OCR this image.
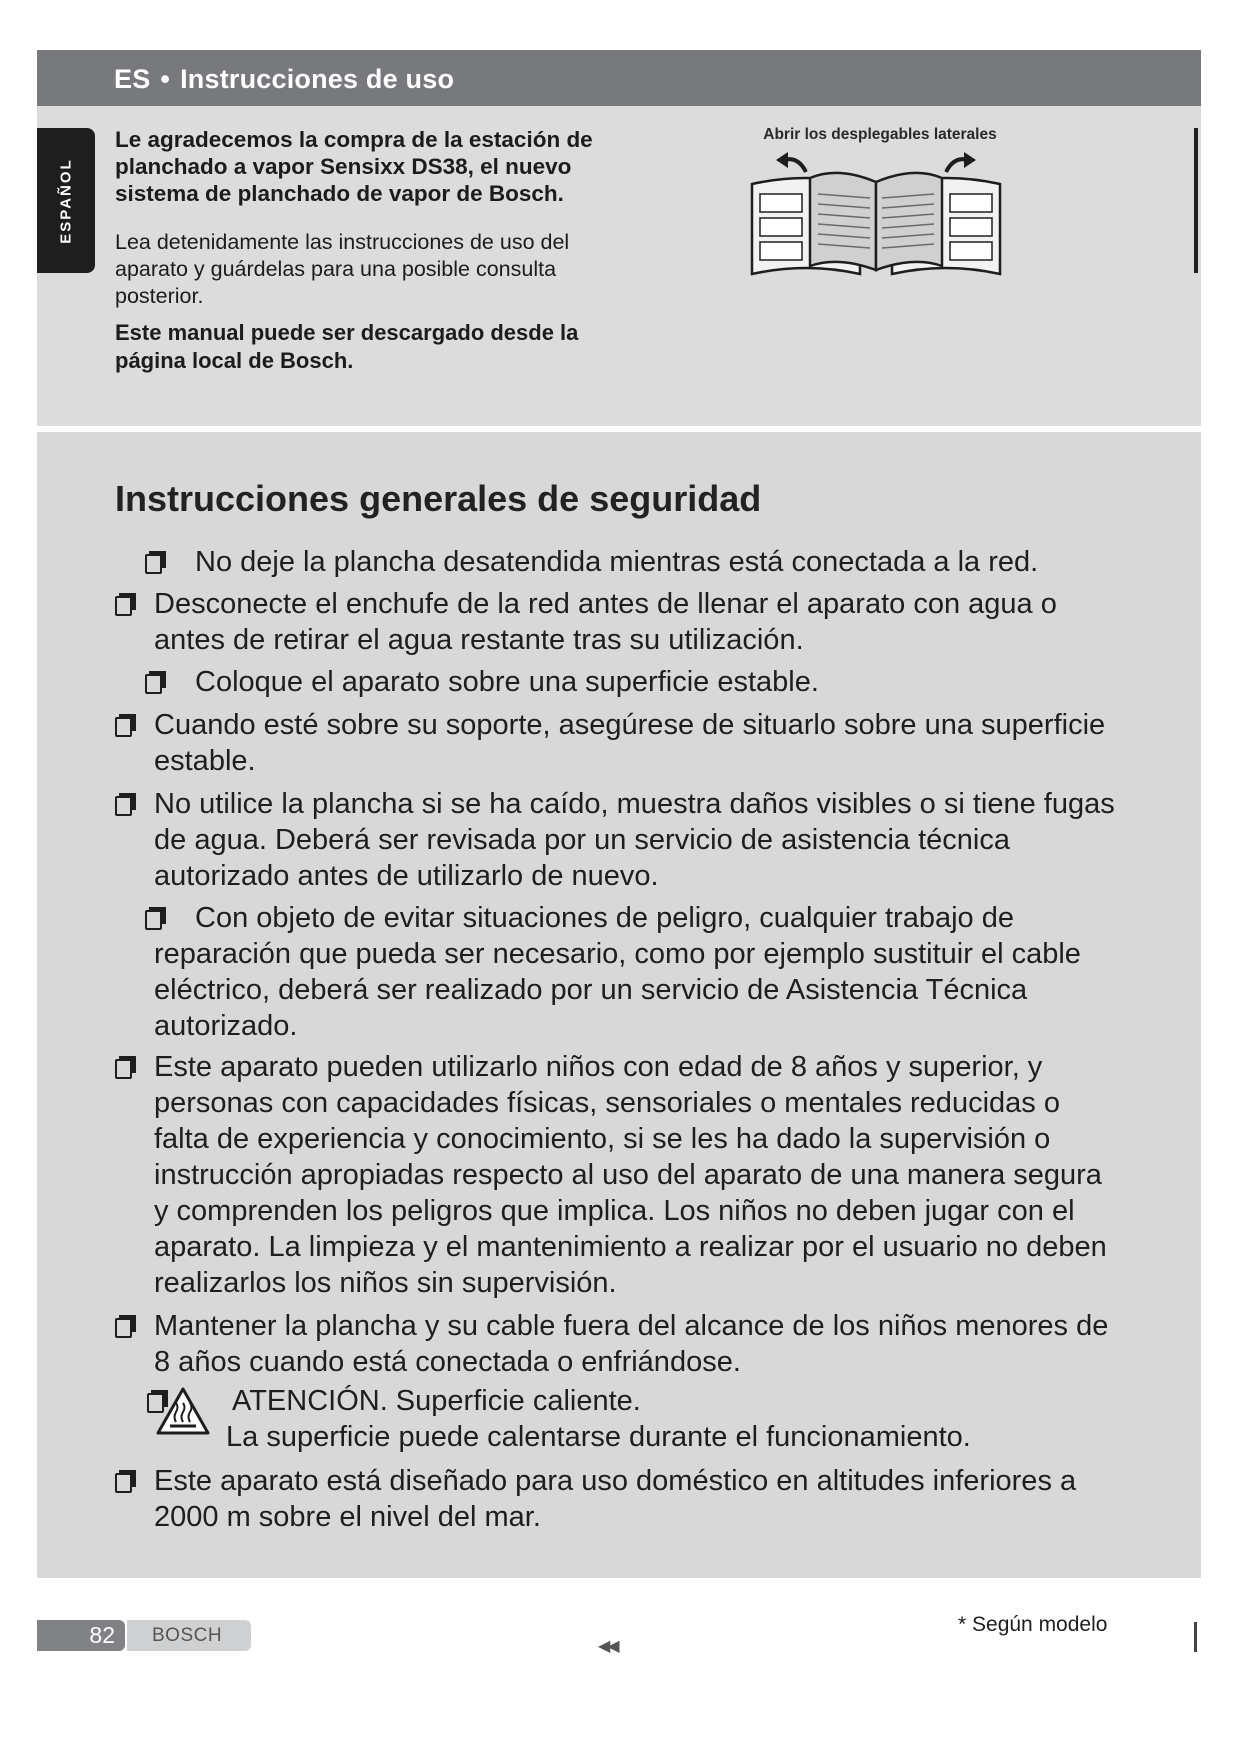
ES • Instrucciones de uso
ESPAÑOL
Le agradecemos la compra de la estación de
planchado a vapor Sensixx DS38, el nuevo
sistema de planchado de vapor de Bosch.
Lea detenidamente las instrucciones de uso del
aparato y guárdelas para una posible consulta
posterior.
Este manual puede ser descargado desde la
página local de Bosch.
Abrir los desplegables laterales
Instrucciones generales de seguridad
No deje la plancha desatendida mientras está conectada a la red.
Desconecte el enchufe de la red antes de llenar el aparato con agua o
antes de retirar el agua restante tras su utilización.
Coloque el aparato sobre una superficie estable.
Cuando esté sobre su soporte, asegúrese de situarlo sobre una superficie
estable.
No utilice la plancha si se ha caído, muestra daños visibles o si tiene fugas
de agua. Deberá ser revisada por un servicio de asistencia técnica
autorizado antes de utilizarlo de nuevo.
Con objeto de evitar situaciones de peligro, cualquier trabajo de
reparación que pueda ser necesario, como por ejemplo sustituir el cable
eléctrico, deberá ser realizado por un servicio de Asistencia Técnica
autorizado.
Este aparato pueden utilizarlo niños con edad de 8 años y superior, y
personas con capacidades físicas, sensoriales o mentales reducidas o
falta de experiencia y conocimiento, si se les ha dado la supervisión o
instrucción apropiadas respecto al uso del aparato de una manera segura
y comprenden los peligros que implica. Los niños no deben jugar con el
aparato. La limpieza y el mantenimiento a realizar por el usuario no deben
realizarlos los niños sin supervisión.
Mantener la plancha y su cable fuera del alcance de los niños menores de
8 años cuando está conectada o enfriándose.
ATENCIÓN. Superficie caliente.
La superficie puede calentarse durante el funcionamiento.
Este aparato está diseñado para uso doméstico en altitudes inferiores a
2000 m sobre el nivel del mar.
82	BOSCH
◀◀
* Según modelo
